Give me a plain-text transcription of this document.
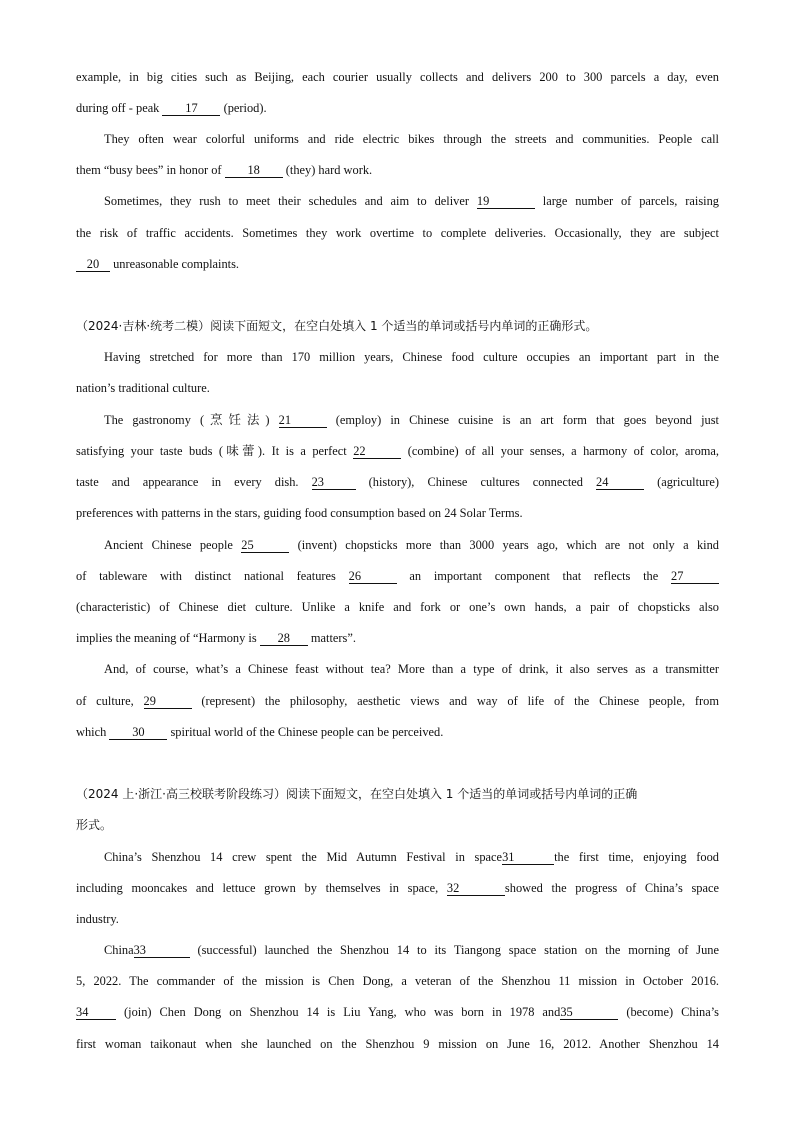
example, in big cities such as Beijing, each courier usually collects and delivers 200 to 300 parcels a day, even
during off - peak 17 (period).
They often wear colorful uniforms and ride electric bikes through the streets and communities. People call
them “busy bees” in honor of 18 (they) hard work.
Sometimes, they rush to meet their schedules and aim to deliver 19	large number of parcels, raising
the risk of traffic accidents. Sometimes they work overtime to complete deliveries. Occasionally, they are subject
20 unreasonable complaints.
（2024·吉林·统考二模）阅读下面短文，在空白处填入 1 个适当的单词或括号内单词的正确形式。
Having stretched for more than 170 million years, Chinese food culture occupies an important part in the
nation’s traditional culture.
The gastronomy (烹饪法) 21	(employ) in Chinese cuisine is an art form that goes beyond just
satisfying your taste buds (味蕾). It is a perfect 22	(combine) of all your senses, a harmony of color, aroma,
taste and appearance in every dish. 23	(history), Chinese cultures connected 24	(agriculture)
preferences with patterns in the stars, guiding food consumption based on 24 Solar Terms.
Ancient Chinese people 25	(invent) chopsticks more than 3000 years ago, which are not only a kind
of tableware with distinct national features 26	an important component that reflects the 27
(characteristic) of Chinese diet culture. Unlike a knife and fork or one’s own hands, a pair of chopsticks also
implies the meaning of “Harmony is 28 matters”.
And, of course, what’s a Chinese feast without tea? More than a type of drink, it also serves as a transmitter
of culture, 29	(represent) the philosophy, aesthetic views and way of life of the Chinese people, from
which 30 spiritual world of the Chinese people can be perceived.
（2024 上·浙江·高三校联考阶段练习）阅读下面短文，在空白处填入 1 个适当的单词或括号内单词的正确
形式。
China’s Shenzhou 14 crew spent the Mid Autumn Festival in space31	the first time, enjoying food
including mooncakes and lettuce grown by themselves in space, 32	showed the progress of China’s space
industry.
China33	(successful) launched the Shenzhou 14 to its Tiangong space station on the morning of June
5, 2022. The commander of the mission is Chen Dong, a veteran of the Shenzhou 11 mission in October 2016.
34 (join) Chen Dong on Shenzhou 14 is Liu Yang, who was born in 1978 and35	(become) China’s
first woman taikonaut when she launched on the Shenzhou 9 mission on June 16, 2012. Another Shenzhou 14
